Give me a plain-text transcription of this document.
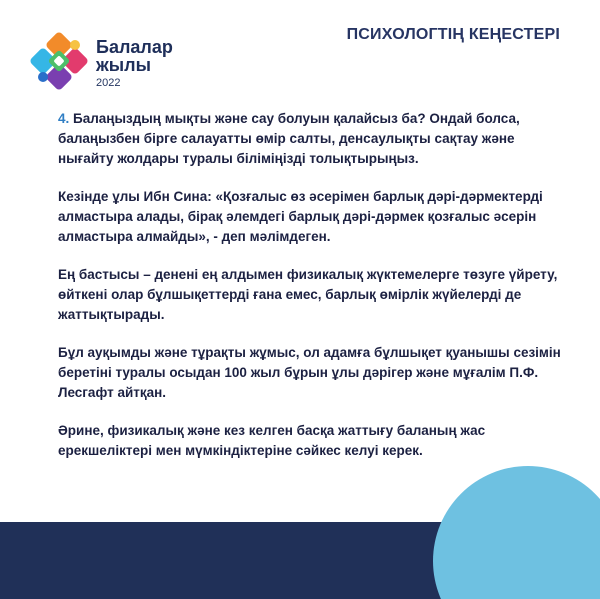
Балалар
жылы
2022
ПСИХОЛОГТІҢ КЕҢЕСТЕРІ

4. Балаңыздың мықты және сау болуын қалайсыз ба? Ондай болса, балаңызбен бірге салауатты өмір салты, денсаулықты сақтау және нығайту жолдары туралы біліміңізді толықтырыңыз.

Кезінде ұлы Ибн Сина: «Қозғалыс өз әсерімен барлық дәрі-дәрмектерді алмастыра алады, бірақ әлемдегі барлық дәрі-дәрмек қозғалыс әсерін алмастыра алмайды», - деп мәлімдеген.

Ең бастысы – денені ең алдымен физикалық жүктемелерге төзуге үйрету, өйткені олар бұлшықеттерді ғана емес, барлық өмірлік жүйелерді де жаттықтырады.

Бұл ауқымды және тұрақты жұмыс, ол адамға бұлшықет қуанышы сезімін беретіні туралы осыдан 100 жыл бұрын ұлы дәрігер және мұғалім П.Ф. Лесгафт айтқан.

Әрине, физикалық және кез келген басқа жаттығу баланың жас ерекшеліктері мен мүмкіндіктеріне сәйкес келуі керек.
